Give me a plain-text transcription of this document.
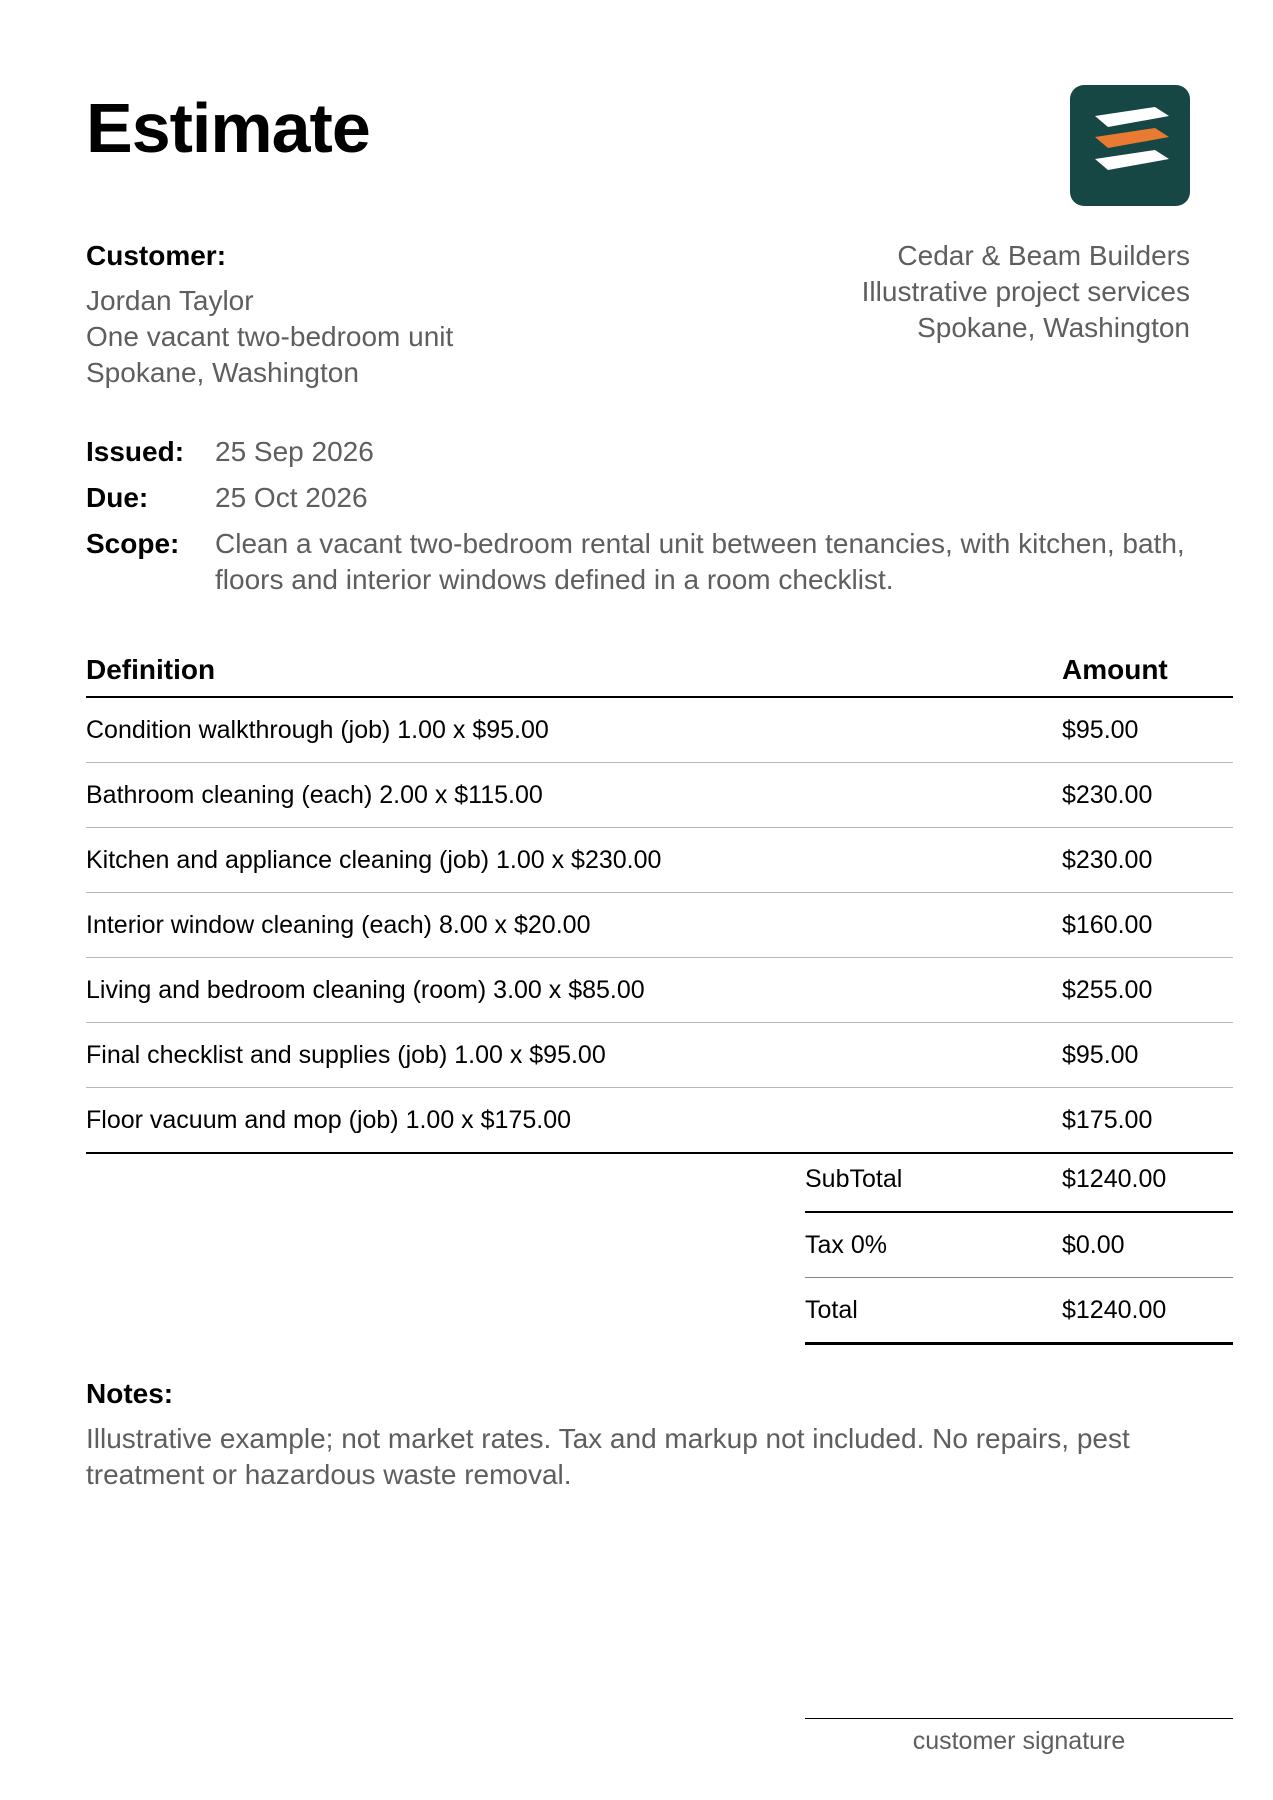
Estimate
Customer:
Jordan Taylor
One vacant two-bedroom unit
Spokane, Washington
Cedar & Beam Builders
Illustrative project services
Spokane, Washington
Issued: 25 Sep 2026
Due: 25 Oct 2026
Scope: Clean a vacant two-bedroom rental unit between tenancies, with kitchen, bath, floors and interior windows defined in a room checklist.
Definition	Amount
Condition walkthrough (job) 1.00 x $95.00	$95.00
Bathroom cleaning (each) 2.00 x $115.00	$230.00
Kitchen and appliance cleaning (job) 1.00 x $230.00	$230.00
Interior window cleaning (each) 8.00 x $20.00	$160.00
Living and bedroom cleaning (room) 3.00 x $85.00	$255.00
Final checklist and supplies (job) 1.00 x $95.00	$95.00
Floor vacuum and mop (job) 1.00 x $175.00	$175.00
SubTotal	$1240.00
Tax 0%	$0.00
Total	$1240.00
Notes:
Illustrative example; not market rates. Tax and markup not included. No repairs, pest treatment or hazardous waste removal.
customer signature
